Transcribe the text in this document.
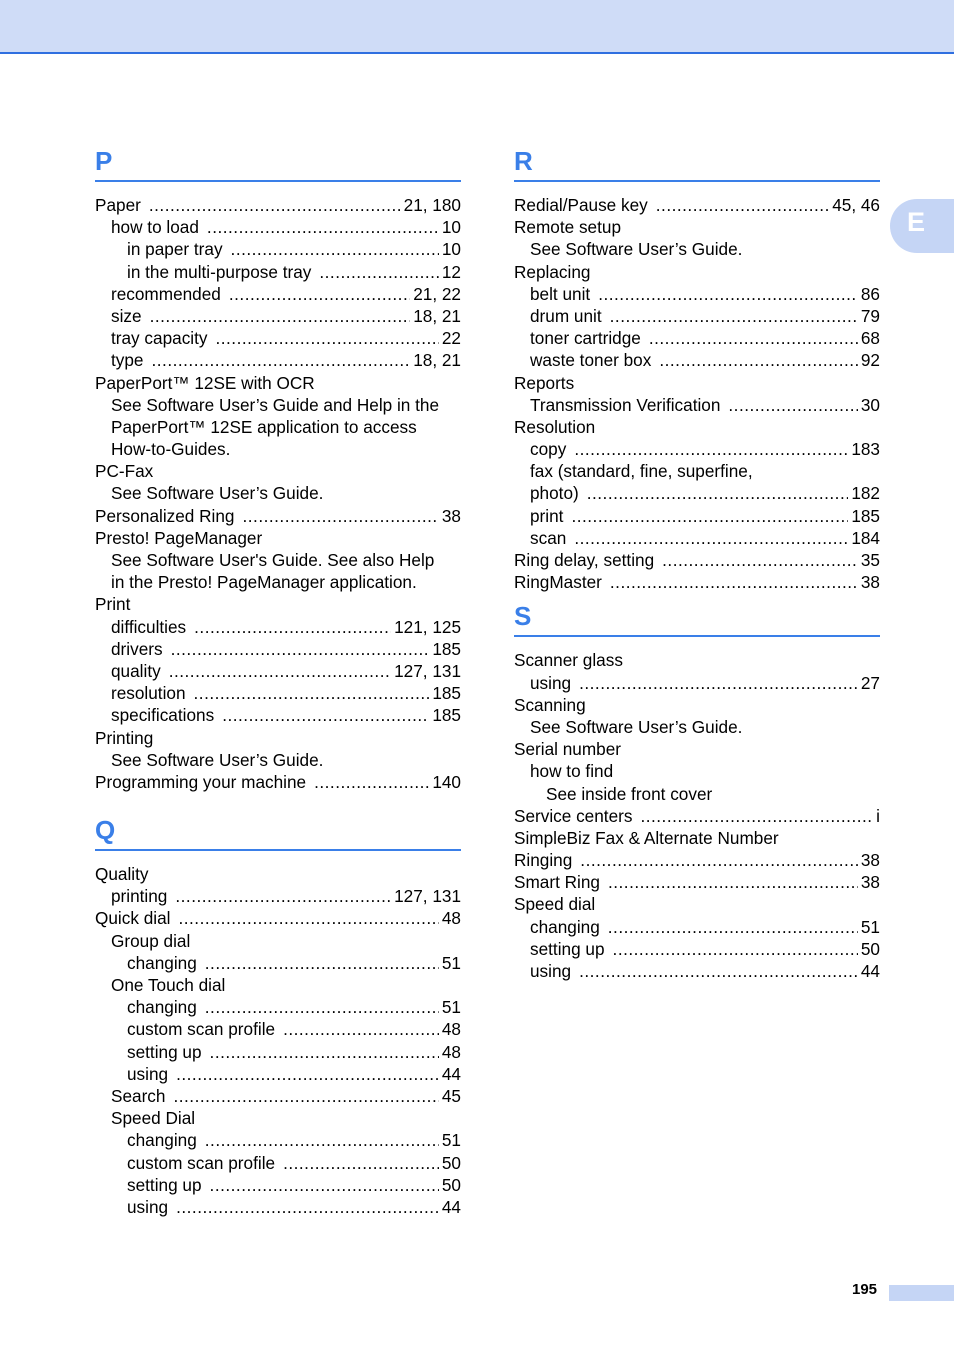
E
P
Paper .....	21, 180
how to load .....	10
in paper tray .....	10
in the multi-purpose tray .....	12
recommended .....	21, 22
size .....	18, 21
tray capacity .....	22
type .....	18, 21
PaperPort™ 12SE with OCR
See Software User’s Guide and Help in the
PaperPort™ 12SE application to access
How-to-Guides.
PC-Fax
See Software User’s Guide.
Personalized Ring .....	38
Presto! PageManager
See Software User's Guide. See also Help
in the Presto! PageManager application.
Print
difficulties .....	121, 125
drivers .....	185
quality .....	127, 131
resolution .....	185
specifications .....	185
Printing
See Software User’s Guide.
Programming your machine .....	140
Q
Quality
printing .....	127, 131
Quick dial .....	48
Group dial
changing .....	51
One Touch dial
changing .....	51
custom scan profile .....	48
setting up .....	48
using .....	44
Search .....	45
Speed Dial
changing .....	51
custom scan profile .....	50
setting up .....	50
using .....	44
R
Redial/Pause key .....	45, 46
Remote setup
See Software User’s Guide.
Replacing
belt unit .....	86
drum unit .....	79
toner cartridge .....	68
waste toner box .....	92
Reports
Transmission Verification .....	30
Resolution
copy .....	183
fax (standard, fine, superfine,
photo) .....	182
print .....	185
scan .....	184
Ring delay, setting .....	35
RingMaster .....	38
S
Scanner glass
using .....	27
Scanning
See Software User’s Guide.
Serial number
how to find
See inside front cover
Service centers .....	i
SimpleBiz Fax & Alternate Number
Ringing .....	38
Smart Ring .....	38
Speed dial
changing .....	51
setting up .....	50
using .....	44
195
